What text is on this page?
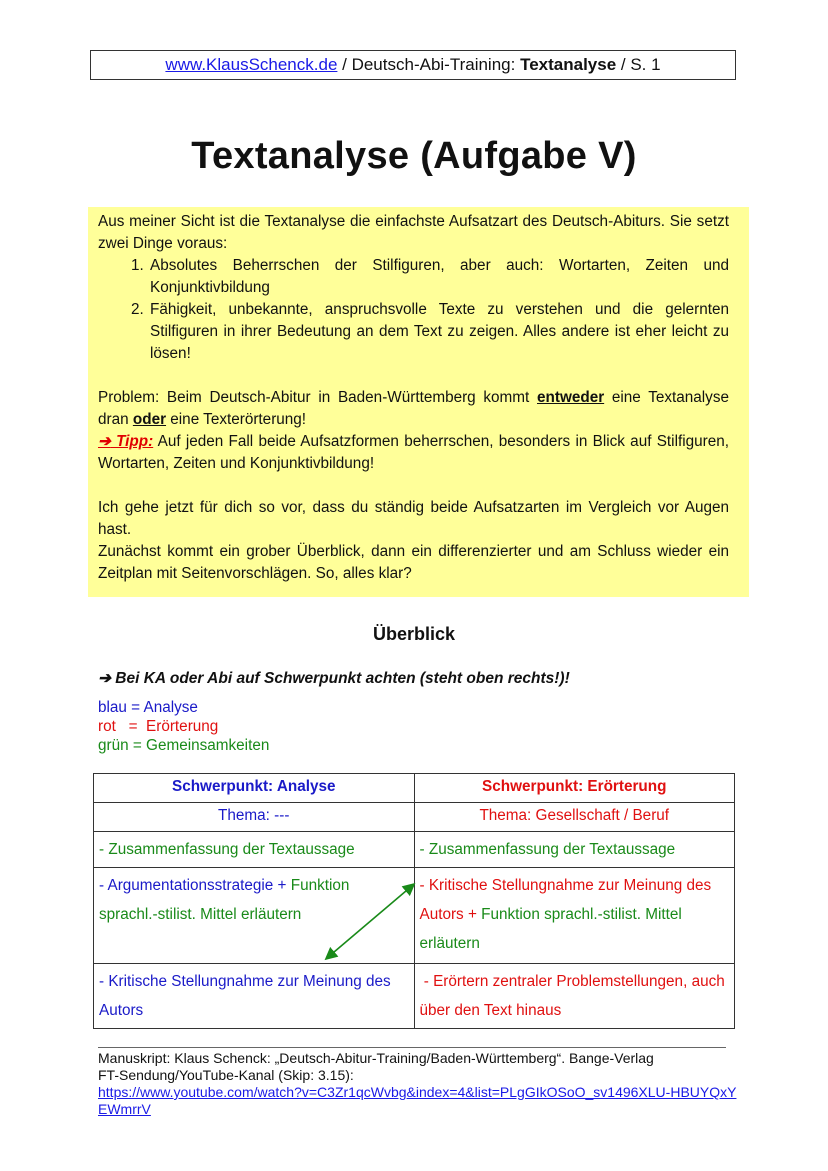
www.KlausSchenck.de / Deutsch-Abi-Training: Textanalyse / S. 1
Textanalyse (Aufgabe V)

Aus meiner Sicht ist die Textanalyse die einfachste Aufsatzart des Deutsch-Abiturs. Sie setzt zwei Dinge voraus:

1. Absolutes Beherrschen der Stilfiguren, aber auch: Wortarten, Zeiten und Konjunktivbildung
2. Fähigkeit, unbekannte, anspruchsvolle Texte zu verstehen und die gelernten Stilfiguren in ihrer Bedeutung an dem Text zu zeigen. Alles andere ist eher leicht zu lösen!

Problem: Beim Deutsch-Abitur in Baden-Württemberg kommt entweder eine Textanalyse dran oder eine Texterörterung!

➔ Tipp: Auf jeden Fall beide Aufsatzformen beherrschen, besonders in Blick auf Stilfiguren, Wortarten, Zeiten und Konjunktivbildung!

Ich gehe jetzt für dich so vor, dass du ständig beide Aufsatzarten im Vergleich vor Augen hast.

Zunächst kommt ein grober Überblick, dann ein differenzierter und am Schluss wieder ein Zeitplan mit Seitenvorschlägen. So, alles klar?

Überblick
➔ Bei KA oder Abi auf Schwerpunkt achten (steht oben rechts!)!
blau = Analyse
rot   =  Erörterung
grün = Gemeinsamkeiten
Schwerpunkt: Analyse	Schwerpunkt: Erörterung
Thema: ---	Thema: Gesellschaft / Beruf
- Zusammenfassung der Textaussage	- Zusammenfassung der Textaussage
- Argumentationsstrategie + Funktion sprachl.-stilist. Mittel erläutern	- Kritische Stellungnahme zur Meinung des Autors + Funktion sprachl.-stilist. Mittel erläutern
- Kritische Stellungnahme zur Meinung des Autors	- Erörtern zentraler Problemstellungen, auch über den Text hinaus
Manuskript: Klaus Schenck: „Deutsch-Abitur-Training/Baden-Württemberg“. Bange-Verlag
FT-Sendung/YouTube-Kanal (Skip: 3.15):
https://www.youtube.com/watch?v=C3Zr1qcWvbg&index=4&list=PLgGIkOSoO_sv1496XLU-HBUYQxYEWmrrV
